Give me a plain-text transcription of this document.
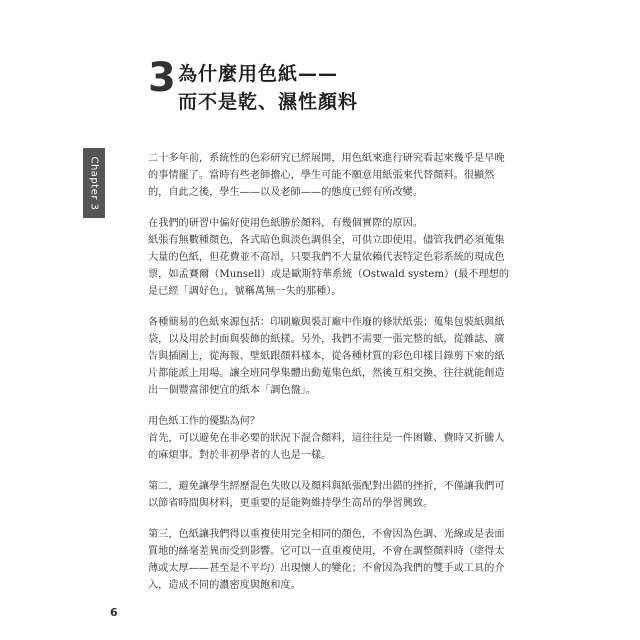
3 為什麼用色紙——
而不是乾、濕性顏料
Chapter 3	二十多年前，系統性的色彩研究已經展開，用色紙來進行研究看起來幾乎是早晚的事情罷了。當時有些老師擔心，學生可能不願意用紙張來代替顏料。很顯然的，自此之後，學生——以及老師——的態度已經有所改變。

在我們的研習中偏好使用色紙勝於顏料，有幾個實際的原因。

紙張有無數種顏色，各式暗色與淡色調俱全，可供立即使用。儘管我們必須蒐集大量的色紙，但花費並不高昂，只要我們不大量依賴代表特定色彩系統的現成色票，如孟賽爾（Munsell）或是歐斯特華系統（Ostwald system）(最不理想的是已經「調好色」，號稱萬無一失的那種）。

各種簡易的色紙來源包括：印刷廠與裝訂廠中作廢的條狀紙張；蒐集包裝紙與紙袋，以及用於封面與裝飾的紙樣。另外，我們不需要一張完整的紙，從雜誌、廣告與插圖上，從海報、壁紙跟顏料樣本，從各種材質的彩色印樣目錄剪下來的紙片都能派上用場。讓全班同學集體出動蒐集色紙，然後互相交換，往往就能創造出一個豐富卻便宜的紙本「調色盤」。

用色紙工作的優點為何？

首先，可以避免在非必要的狀況下混合顏料，這往往是一件困難、費時又折騰人的麻煩事。對於非初學者的人也是一樣。

第二，避免讓學生經歷混色失敗以及顏料與紙張配對出錯的挫折，不僅讓我們可以節省時間與材料，更重要的是能夠維持學生高昂的學習興致。

第三，色紙讓我們得以重複使用完全相同的顏色，不會因為色調、光線或是表面質地的絲毫差異而受到影響。它可以一直重複使用，不會在調整顏料時（塗得太薄或太厚——甚至是不平均）出現懷人的變化；不會因為我們的雙手或工具的介入，造成不同的濃密度與飽和度。

6
